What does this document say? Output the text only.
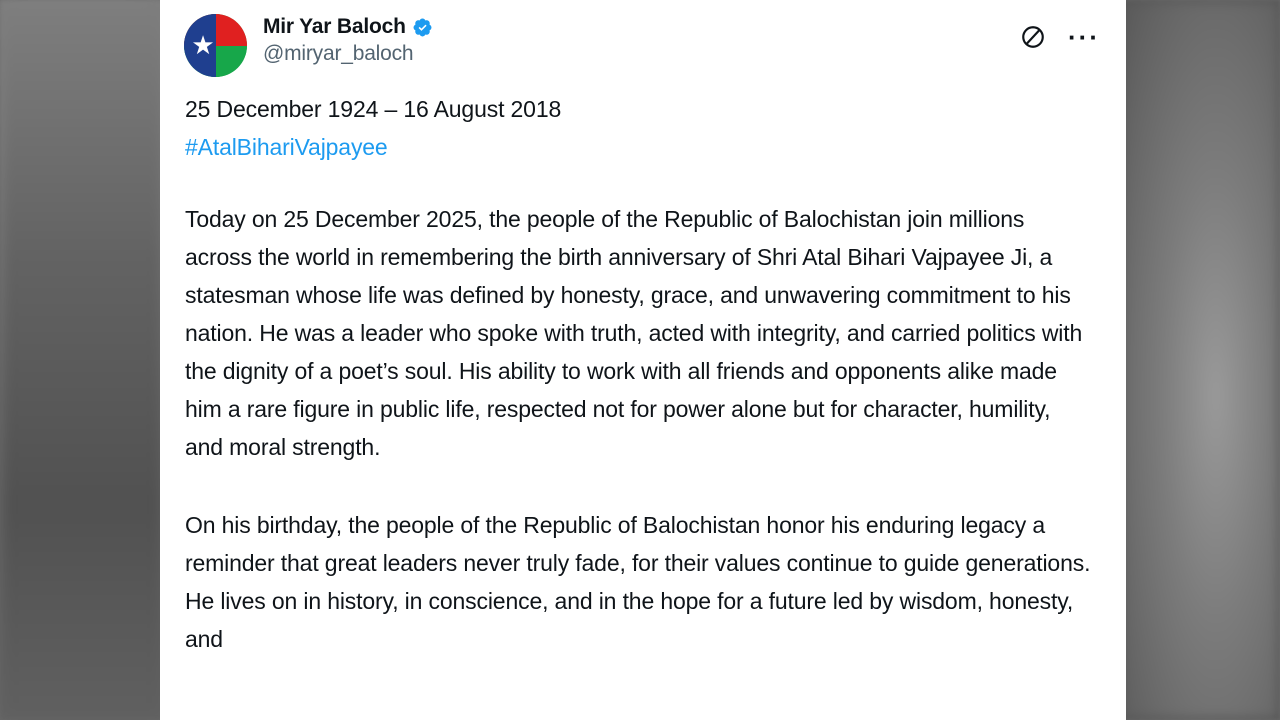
★
Mir Yar Baloch
@miryar_baloch
···
25 December 1924 – 16 August 2018
#AtalBihariVajpayee
Today on 25 December 2025, the people of the Republic of Balochistan join millions across the world in remembering the birth anniversary of Shri Atal Bihari Vajpayee Ji, a statesman whose life was defined by honesty, grace, and unwavering commitment to his nation. He was a leader who spoke with truth, acted with integrity, and carried politics with the dignity of a poet’s soul. His ability to work with all friends and opponents alike made him a rare figure in public life, respected not for power alone but for character, humility, and moral strength.
On his birthday, the people of the Republic of Balochistan honor his enduring legacy a reminder that great leaders never truly fade, for their values continue to guide generations. He lives on in history, in conscience, and in the hope for a future led by wisdom, honesty, and
